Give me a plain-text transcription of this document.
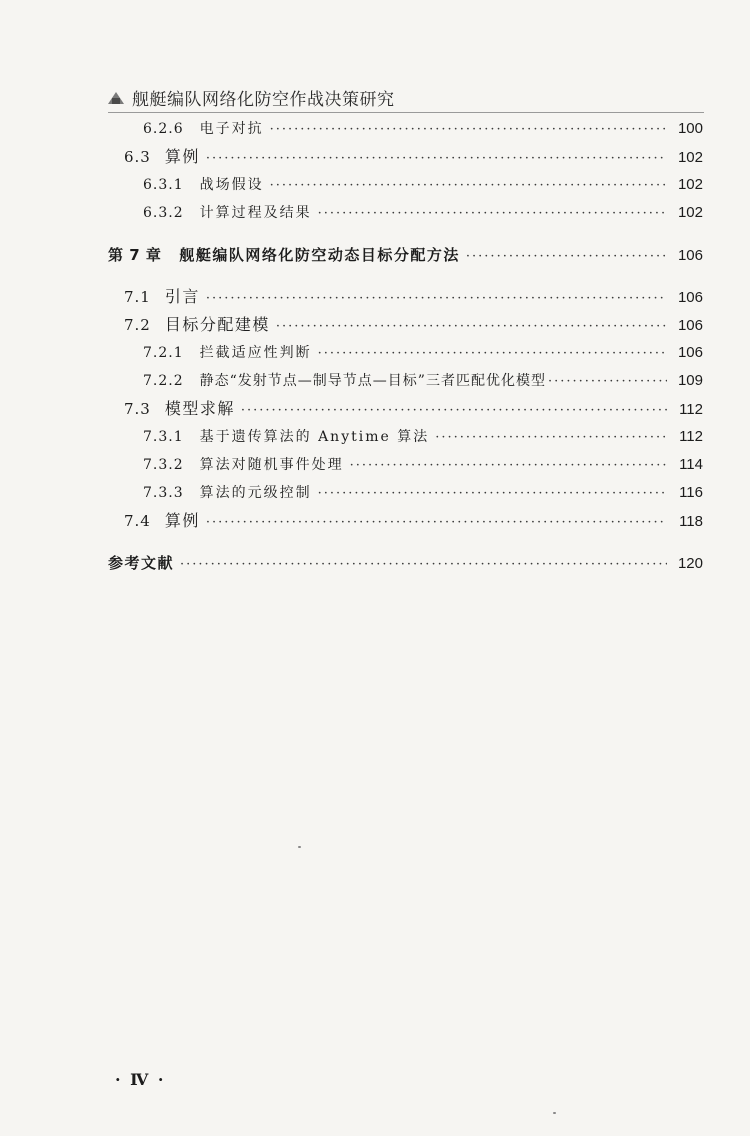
舰艇编队网络化防空作战决策研究
6.2.6 电子对抗 ·····	100
6.3 算例 ·····	102
6.3.1 战场假设 ·····	102
6.3.2 计算过程及结果 ·····	102
第 7 章 舰艇编队网络化防空动态目标分配方法 ·····	106
7.1 引言 ·····	106
7.2 目标分配建模 ·····	106
7.2.1 拦截适应性判断 ·····	106
7.2.2 静态“发射节点—制导节点—目标”三者匹配优化模型 ·····	109
7.3 模型求解 ·····	112
7.3.1 基于遗传算法的 Anytime 算法 ·····	112
7.3.2 算法对随机事件处理 ·····	114
7.3.3 算法的元级控制 ·····	116
7.4 算例 ·····	118
参考文献 ·····	120
· Ⅳ ·
